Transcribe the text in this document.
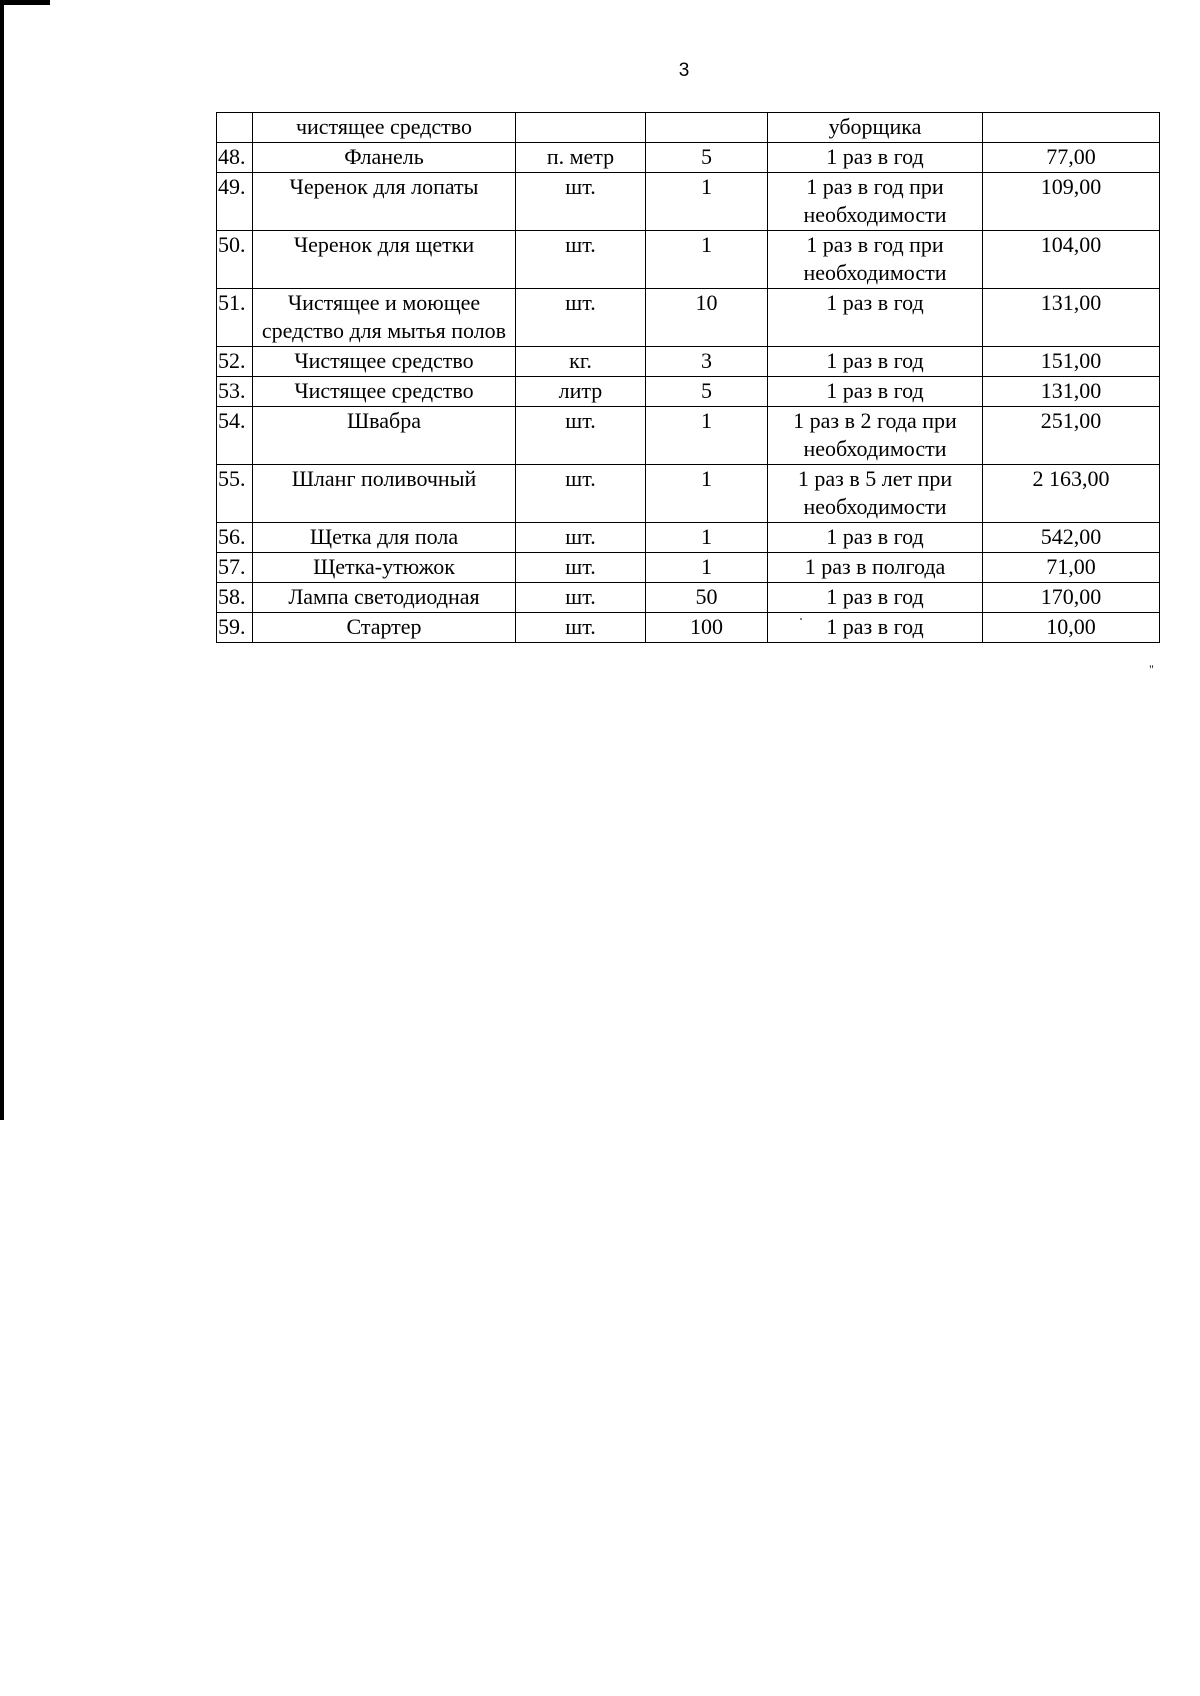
3
	чистящее средство			уборщика	
48.	Фланель	п. метр	5	1 раз в год	77,00
49.	Черенок для лопаты	шт.	1	1 раз в год при необходимости	109,00
50.	Черенок для щетки	шт.	1	1 раз в год при необходимости	104,00
51.	Чистящее и моющее средство для мытья полов	шт.	10	1 раз в год	131,00
52.	Чистящее средство	кг.	3	1 раз в год	151,00
53.	Чистящее средство	литр	5	1 раз в год	131,00
54.	Швабра	шт.	1	1 раз в 2 года при необходимости	251,00
55.	Шланг поливочный	шт.	1	1 раз в 5 лет при необходимости	2 163,00
56.	Щетка для пола	шт.	1	1 раз в год	542,00
57.	Щетка-утюжок	шт.	1	1 раз в полгода	71,00
58.	Лампа светодиодная	шт.	50	1 раз в год	170,00
59.	Стартер	шт.	100	1 раз в год	10,00
"
